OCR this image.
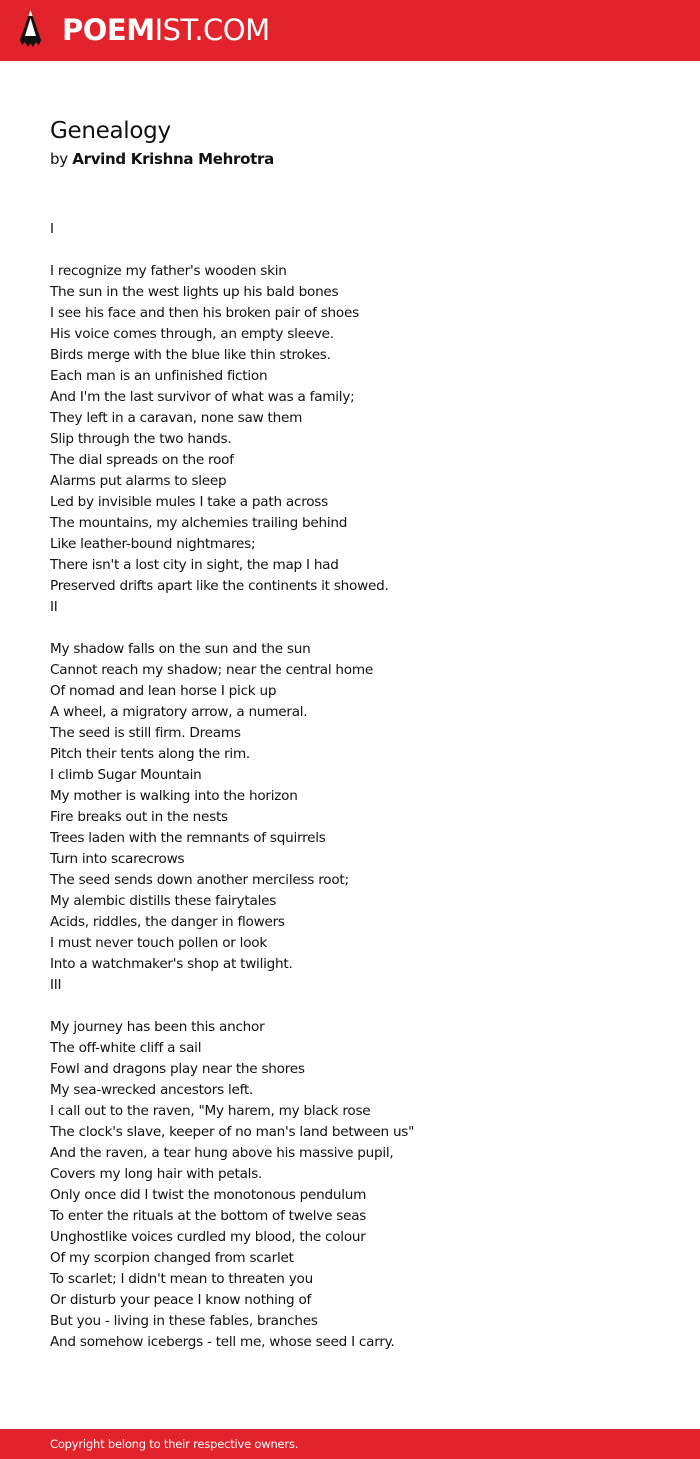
POEMIST.COM
Genealogy
by Arvind Krishna Mehrotra
I
I recognize my father's wooden skin
The sun in the west lights up his bald bones
I see his face and then his broken pair of shoes
His voice comes through, an empty sleeve.
Birds merge with the blue like thin strokes.
Each man is an unfinished fiction
And I'm the last survivor of what was a family;
They left in a caravan, none saw them
Slip through the two hands.
The dial spreads on the roof
Alarms put alarms to sleep
Led by invisible mules I take a path across
The mountains, my alchemies trailing behind
Like leather-bound nightmares;
There isn't a lost city in sight, the map I had
Preserved drifts apart like the continents it showed.
II
My shadow falls on the sun and the sun
Cannot reach my shadow; near the central home
Of nomad and lean horse I pick up
A wheel, a migratory arrow, a numeral.
The seed is still firm. Dreams
Pitch their tents along the rim.
I climb Sugar Mountain
My mother is walking into the horizon
Fire breaks out in the nests
Trees laden with the remnants of squirrels
Turn into scarecrows
The seed sends down another merciless root;
My alembic distills these fairytales
Acids, riddles, the danger in flowers
I must never touch pollen or look
Into a watchmaker's shop at twilight.
III
My journey has been this anchor
The off-white cliff a sail
Fowl and dragons play near the shores
My sea-wrecked ancestors left.
I call out to the raven, "My harem, my black rose
The clock's slave, keeper of no man's land between us"
And the raven, a tear hung above his massive pupil,
Covers my long hair with petals.
Only once did I twist the monotonous pendulum
To enter the rituals at the bottom of twelve seas
Unghostlike voices curdled my blood, the colour
Of my scorpion changed from scarlet
To scarlet; I didn't mean to threaten you
Or disturb your peace I know nothing of
But you - living in these fables, branches
And somehow icebergs - tell me, whose seed I carry.
Copyright belong to their respective owners.
